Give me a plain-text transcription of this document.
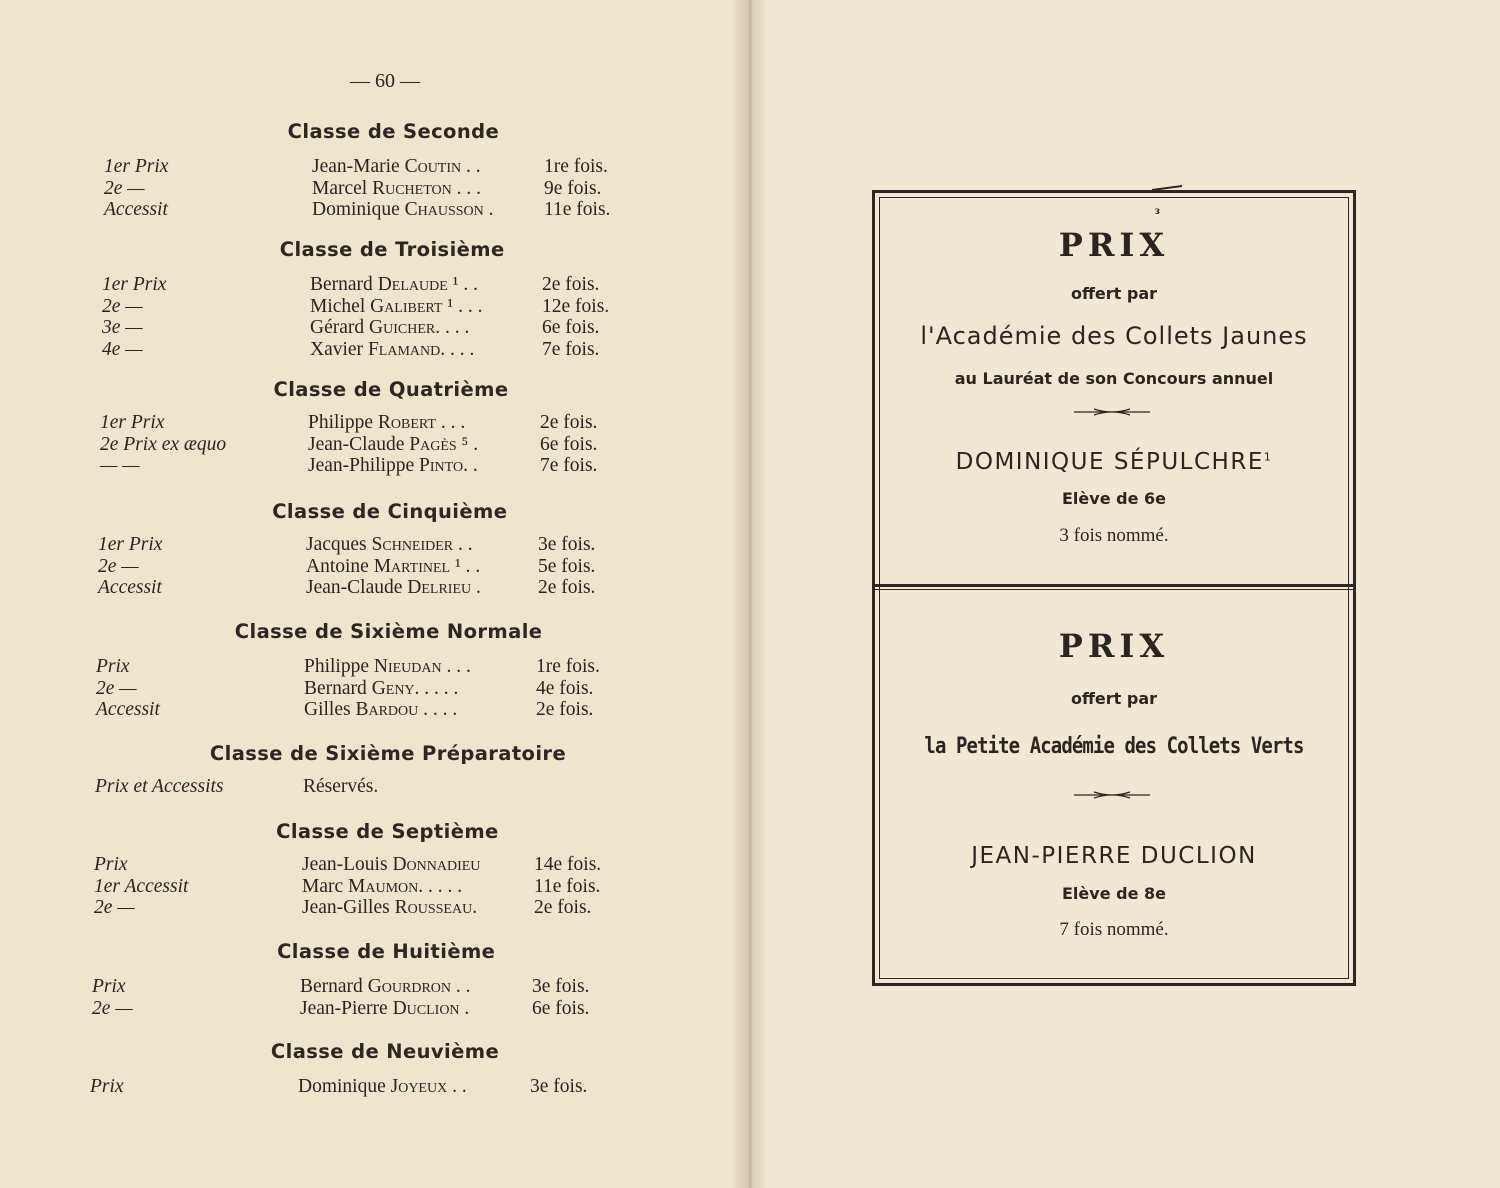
— 60 —
Classe de Seconde
1er Prix	Jean-Marie Coutin . .	1re fois.
2e —	Marcel Rucheton . . .	9e fois.
Accessit	Dominique Chausson .	11e fois.
Classe de Troisième
1er Prix	Bernard Delaude ¹ . .	2e fois.
2e —	Michel Galibert ¹ . . .	12e fois.
3e —	Gérard Guicher. . . .	6e fois.
4e —	Xavier Flamand. . . .	7e fois.
Classe de Quatrième
1er Prix	Philippe Robert . . .	2e fois.
2e Prix ex æquo	Jean-Claude Pagès ⁵ .	6e fois.
— —	Jean-Philippe Pinto. .	7e fois.
Classe de Cinquième
1er Prix	Jacques Schneider . .	3e fois.
2e —	Antoine Martinel ¹ . .	5e fois.
Accessit	Jean-Claude Delrieu .	2e fois.
Classe de Sixième Normale
Prix	Philippe Nieudan . . .	1re fois.
2e —	Bernard Geny. . . . .	4e fois.
Accessit	Gilles Bardou . . . .	2e fois.
Classe de Sixième Préparatoire
Prix et Accessits	Réservés.
Classe de Septième
Prix	Jean-Louis Donnadieu	14e fois.
1er Accessit	Marc Maumon. . . . .	11e fois.
2e —	Jean-Gilles Rousseau.	2e fois.
Classe de Huitième
Prix	Bernard Gourdron . .	3e fois.
2e —	Jean-Pierre Duclion .	6e fois.
Classe de Neuvième
Prix	Dominique Joyeux . .	3e fois.
з
PRIX
offert par
l'Académie des Collets Jaunes
au Lauréat de son Concours annuel
DOMINIQUE SÉPULCHRE$^1$
Elève de 6e
3 fois nommé.
PRIX
offert par
la Petite Académie des Collets Verts
JEAN-PIERRE DUCLION
Elève de 8e
7 fois nommé.
